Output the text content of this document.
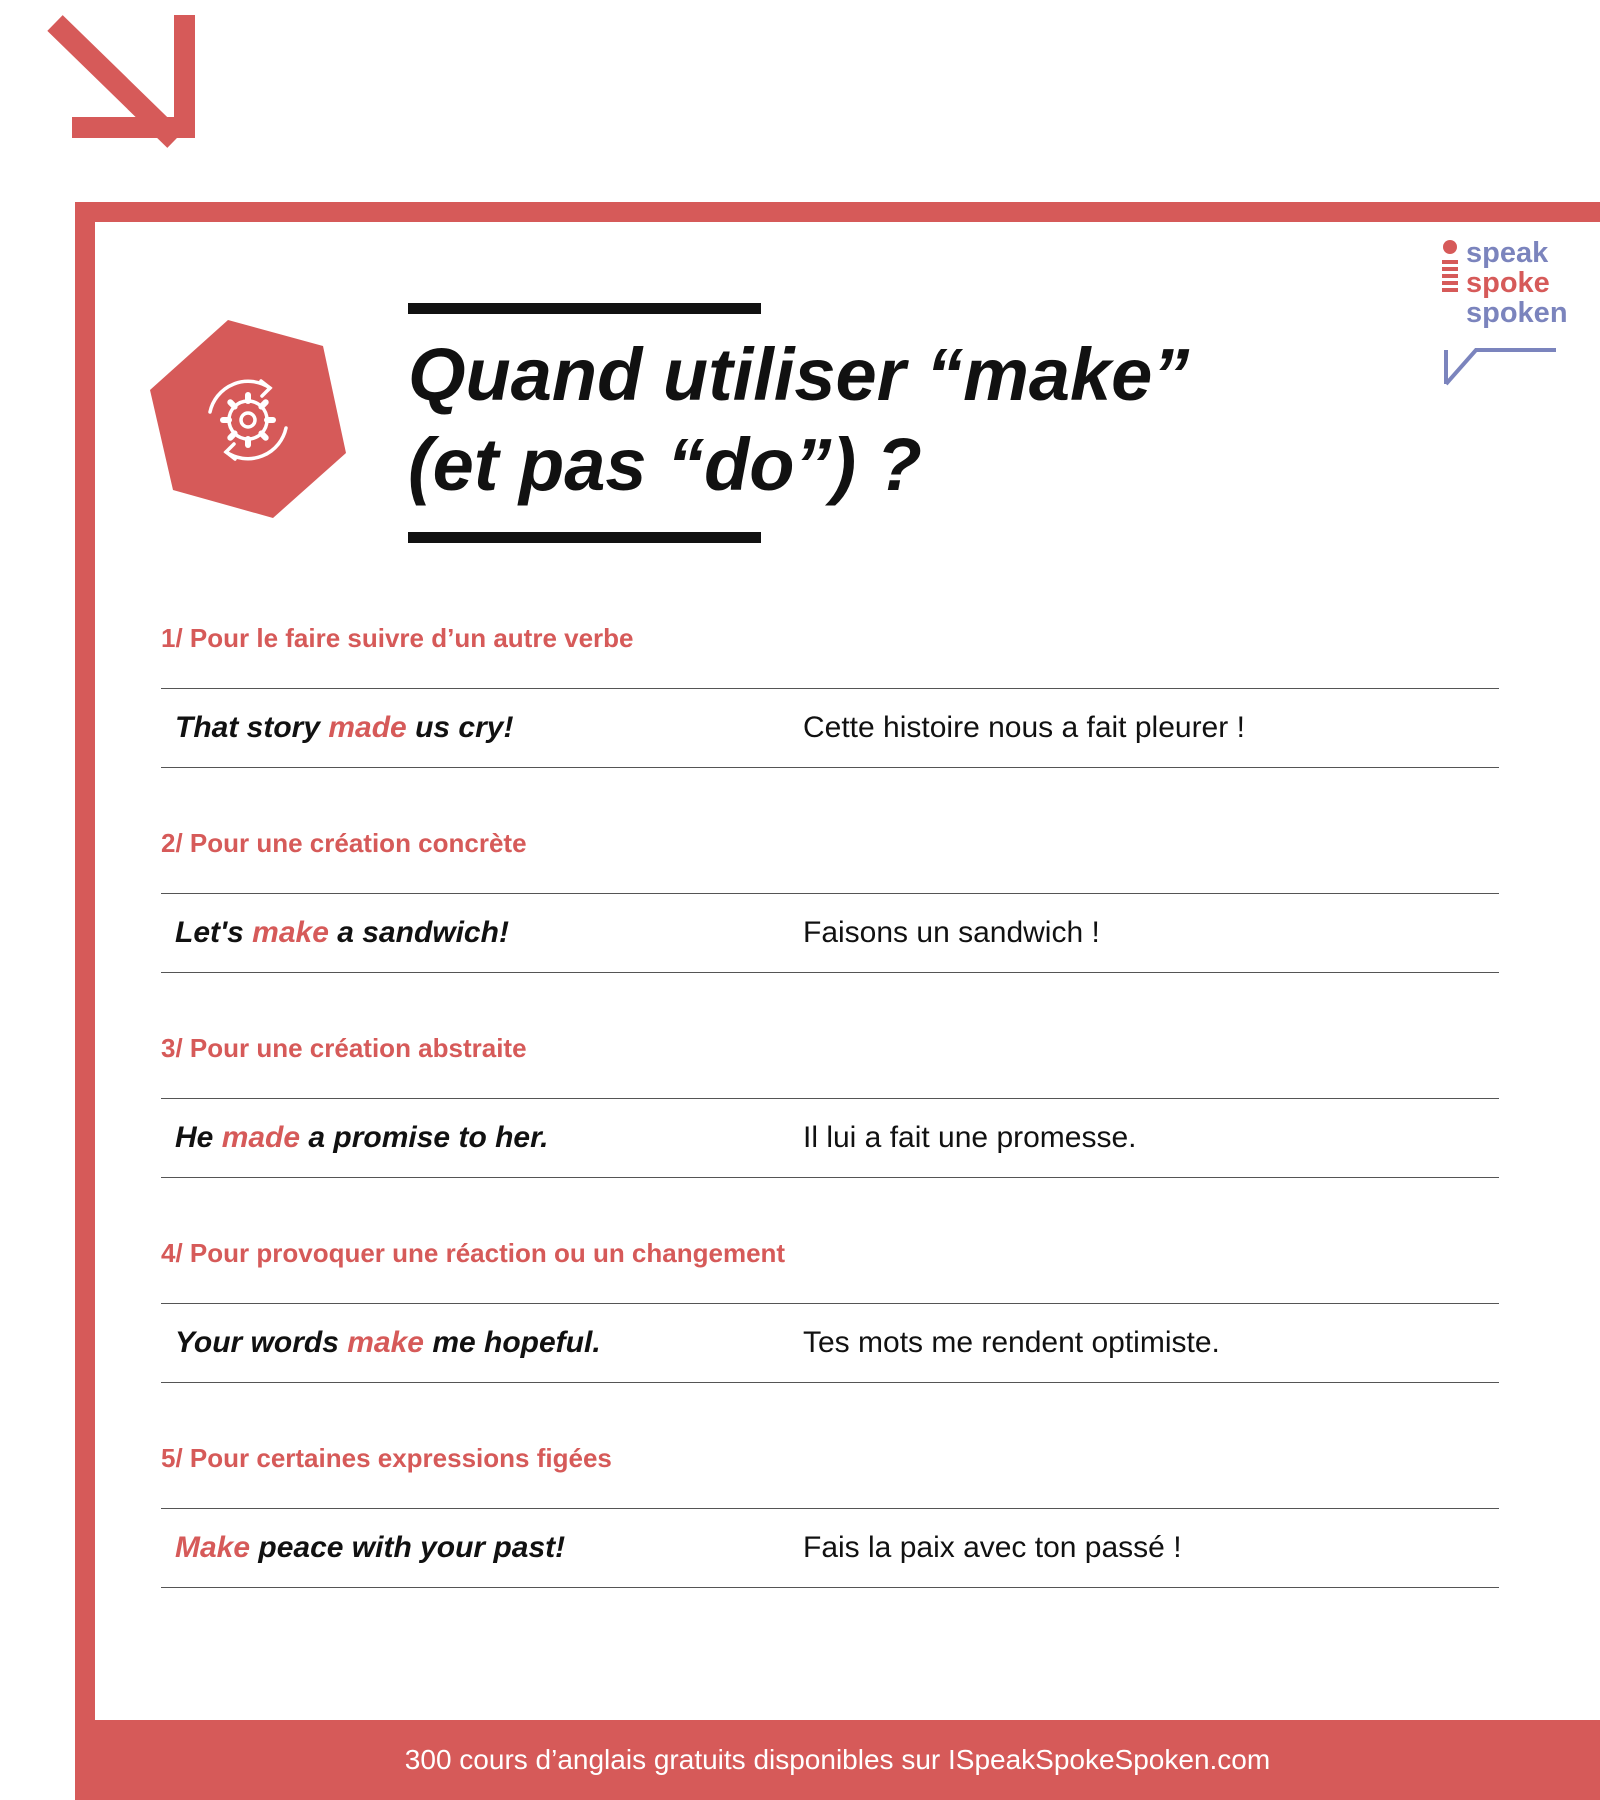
speak
spoke
spoken
Quand utiliser “make”
(et pas “do”) ?
1/ Pour le faire suivre d’un autre verbe
That story made us cry!	Cette histoire nous a fait pleurer !
2/ Pour une création concrète
Let's make a sandwich!	Faisons un sandwich !
3/ Pour une création abstraite
He made a promise to her.	Il lui a fait une promesse.
4/ Pour provoquer une réaction ou un changement
Your words make me hopeful.	Tes mots me rendent optimiste.
5/ Pour certaines expressions figées
Make peace with your past!	Fais la paix avec ton passé !
300 cours d’anglais gratuits disponibles sur ISpeakSpokeSpoken.com
